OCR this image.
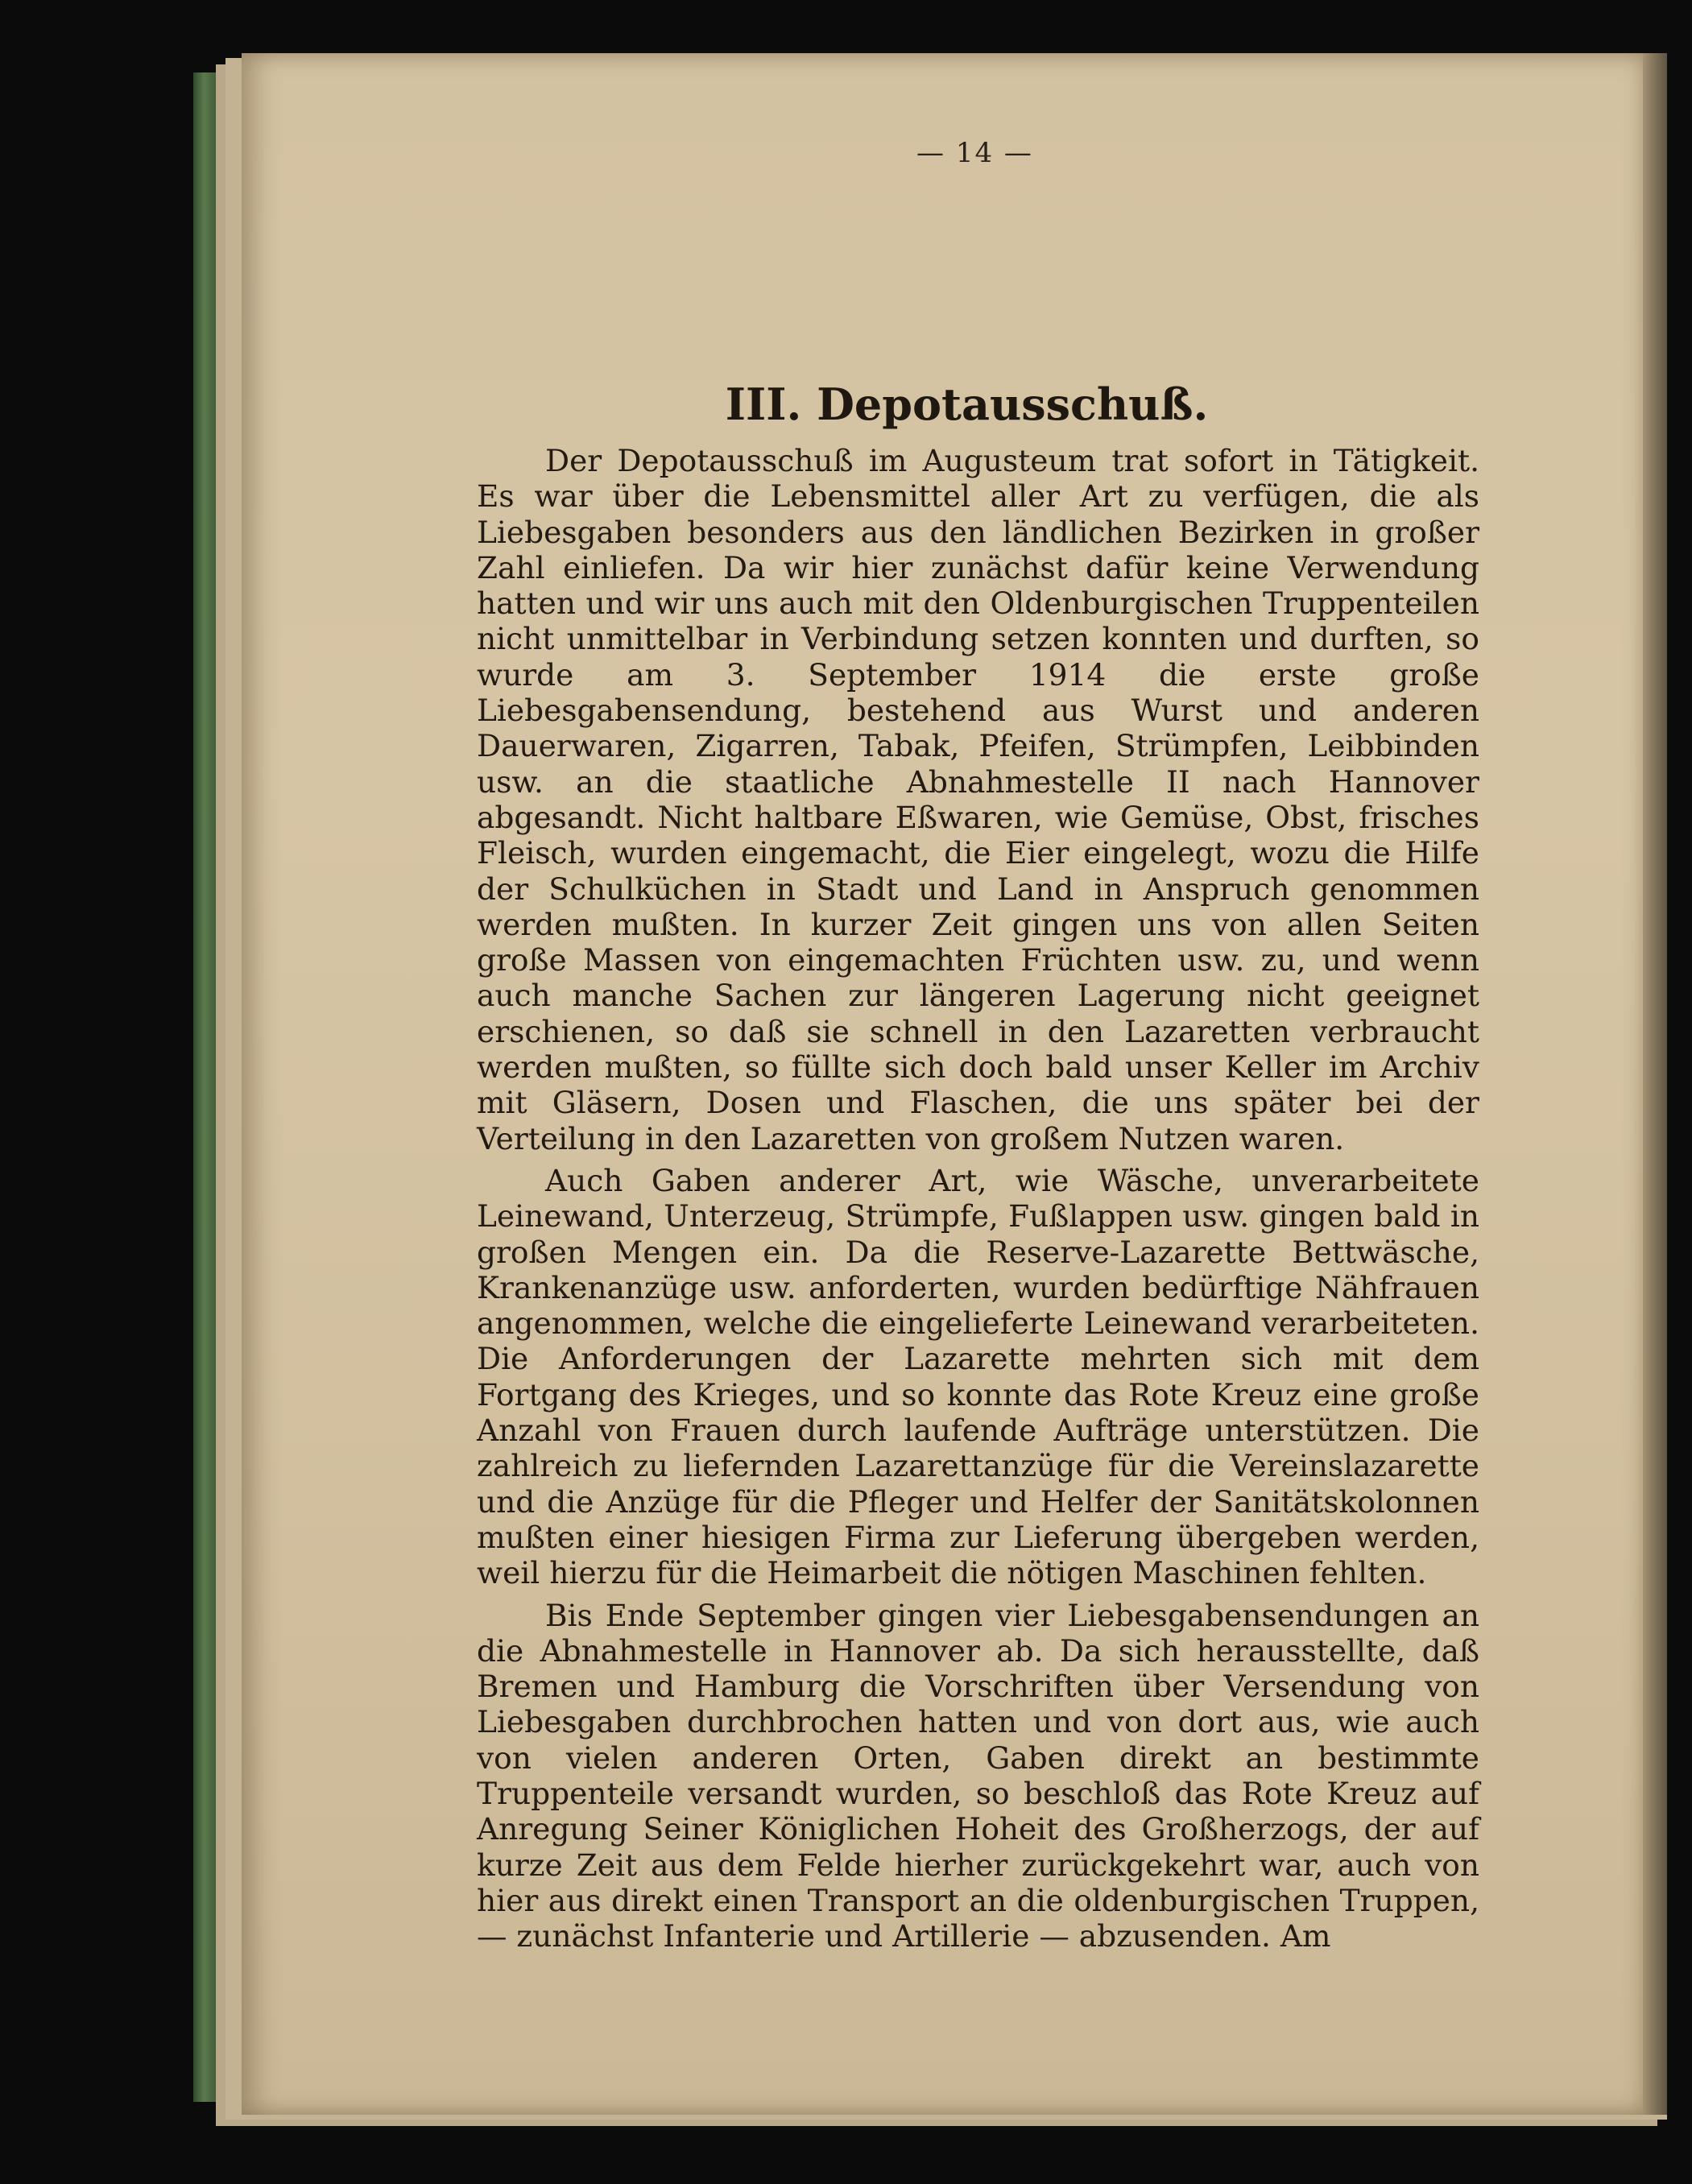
— 14 —
III. Depotausschuß.

Der Depotausschuß im Augusteum trat sofort in Tätigkeit. Es war über die Lebensmittel aller Art zu verfügen, die als Liebesgaben besonders aus den ländlichen Bezirken in großer Zahl einliefen. Da wir hier zunächst dafür keine Verwendung hatten und wir uns auch mit den Oldenburgischen Truppenteilen nicht unmittelbar in Verbindung setzen konnten und durften, so wurde am 3. September 1914 die erste große Liebesgabensendung, bestehend aus Wurst und anderen Dauerwaren, Zigarren, Tabak, Pfeifen, Strümpfen, Leibbinden usw. an die staatliche Abnahmestelle II nach Hannover abgesandt. Nicht haltbare Eßwaren, wie Gemüse, Obst, frisches Fleisch, wurden eingemacht, die Eier eingelegt, wozu die Hilfe der Schulküchen in Stadt und Land in Anspruch genommen werden mußten. In kurzer Zeit gingen uns von allen Seiten große Massen von eingemachten Früchten usw. zu, und wenn auch manche Sachen zur längeren Lagerung nicht geeignet erschienen, so daß sie schnell in den Lazaretten verbraucht werden mußten, so füllte sich doch bald unser Keller im Archiv mit Gläsern, Dosen und Flaschen, die uns später bei der Verteilung in den Lazaretten von großem Nutzen waren.

Auch Gaben anderer Art, wie Wäsche, unverarbeitete Leinewand, Unterzeug, Strümpfe, Fußlappen usw. gingen bald in großen Mengen ein. Da die Reserve-Lazarette Bettwäsche, Krankenanzüge usw. anforderten, wurden bedürftige Nähfrauen angenommen, welche die eingelieferte Leinewand verarbeiteten. Die Anforderungen der Lazarette mehrten sich mit dem Fortgang des Krieges, und so konnte das Rote Kreuz eine große Anzahl von Frauen durch laufende Aufträge unterstützen. Die zahlreich zu liefernden Lazarettanzüge für die Vereinslazarette und die Anzüge für die Pfleger und Helfer der Sanitätskolonnen mußten einer hiesigen Firma zur Lieferung übergeben werden, weil hierzu für die Heimarbeit die nötigen Maschinen fehlten.

Bis Ende September gingen vier Liebesgabensendungen an die Abnahmestelle in Hannover ab. Da sich herausstellte, daß Bremen und Hamburg die Vorschriften über Versendung von Liebesgaben durchbrochen hatten und von dort aus, wie auch von vielen anderen Orten, Gaben direkt an bestimmte Truppenteile versandt wurden, so beschloß das Rote Kreuz auf Anregung Seiner Königlichen Hoheit des Großherzogs, der auf kurze Zeit aus dem Felde hierher zurückgekehrt war, auch von hier aus direkt einen Transport an die oldenburgischen Truppen, — zunächst Infanterie und Artillerie — abzusenden. Am
